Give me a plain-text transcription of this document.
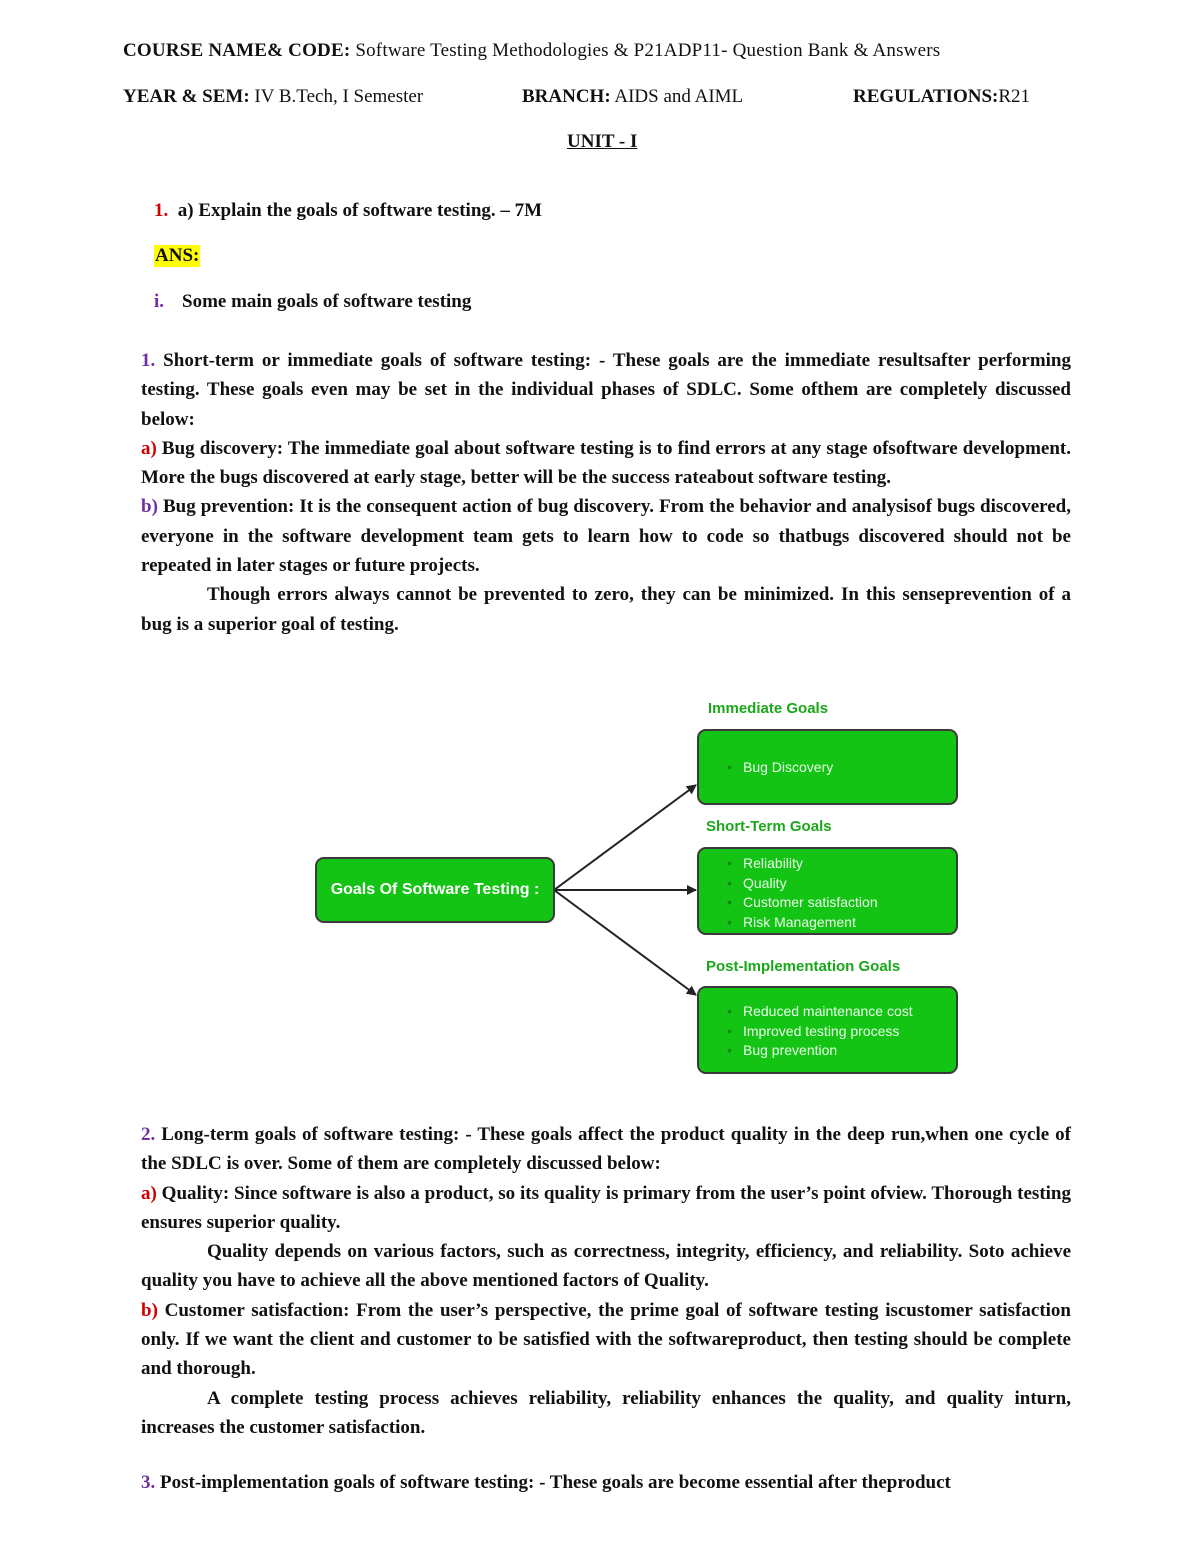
COURSE NAME& CODE: Software Testing Methodologies & P21ADP11- Question Bank & Answers
YEAR & SEM: IV B.Tech, I Semester	BRANCH: AIDS and AIML	REGULATIONS:R21
UNIT - I
1. a) Explain the goals of software testing. – 7M
ANS:
i. Some main goals of software testing

1. Short-term or immediate goals of software testing: - These goals are the immediate resultsafter performing testing. These goals even may be set in the individual phases of SDLC. Some ofthem are completely discussed below:

a) Bug discovery: The immediate goal about software testing is to find errors at any stage ofsoftware development. More the bugs discovered at early stage, better will be the success rateabout software testing.

b) Bug prevention: It is the consequent action of bug discovery. From the behavior and analysisof bugs discovered, everyone in the software development team gets to learn how to code so thatbugs discovered should not be repeated in later stages or future projects.

Though errors always cannot be prevented to zero, they can be minimized. In this senseprevention of a bug is a superior goal of testing.

Goals Of Software Testing :
Immediate Goals
• Bug Discovery
Short-Term Goals
• Reliability
• Quality
• Customer satisfaction
• Risk Management
Post-Implementation Goals
• Reduced maintenance cost
• Improved testing process
• Bug prevention

2. Long-term goals of software testing: - These goals affect the product quality in the deep run,when one cycle of the SDLC is over. Some of them are completely discussed below:

a) Quality: Since software is also a product, so its quality is primary from the user’s point ofview. Thorough testing ensures superior quality.

Quality depends on various factors, such as correctness, integrity, efficiency, and reliability. Soto achieve quality you have to achieve all the above mentioned factors of Quality.

b) Customer satisfaction: From the user’s perspective, the prime goal of software testing iscustomer satisfaction only. If we want the client and customer to be satisfied with the softwareproduct, then testing should be complete and thorough.

A complete testing process achieves reliability, reliability enhances the quality, and quality inturn, increases the customer satisfaction.

3. Post-implementation goals of software testing: - These goals are become essential after theproduct
